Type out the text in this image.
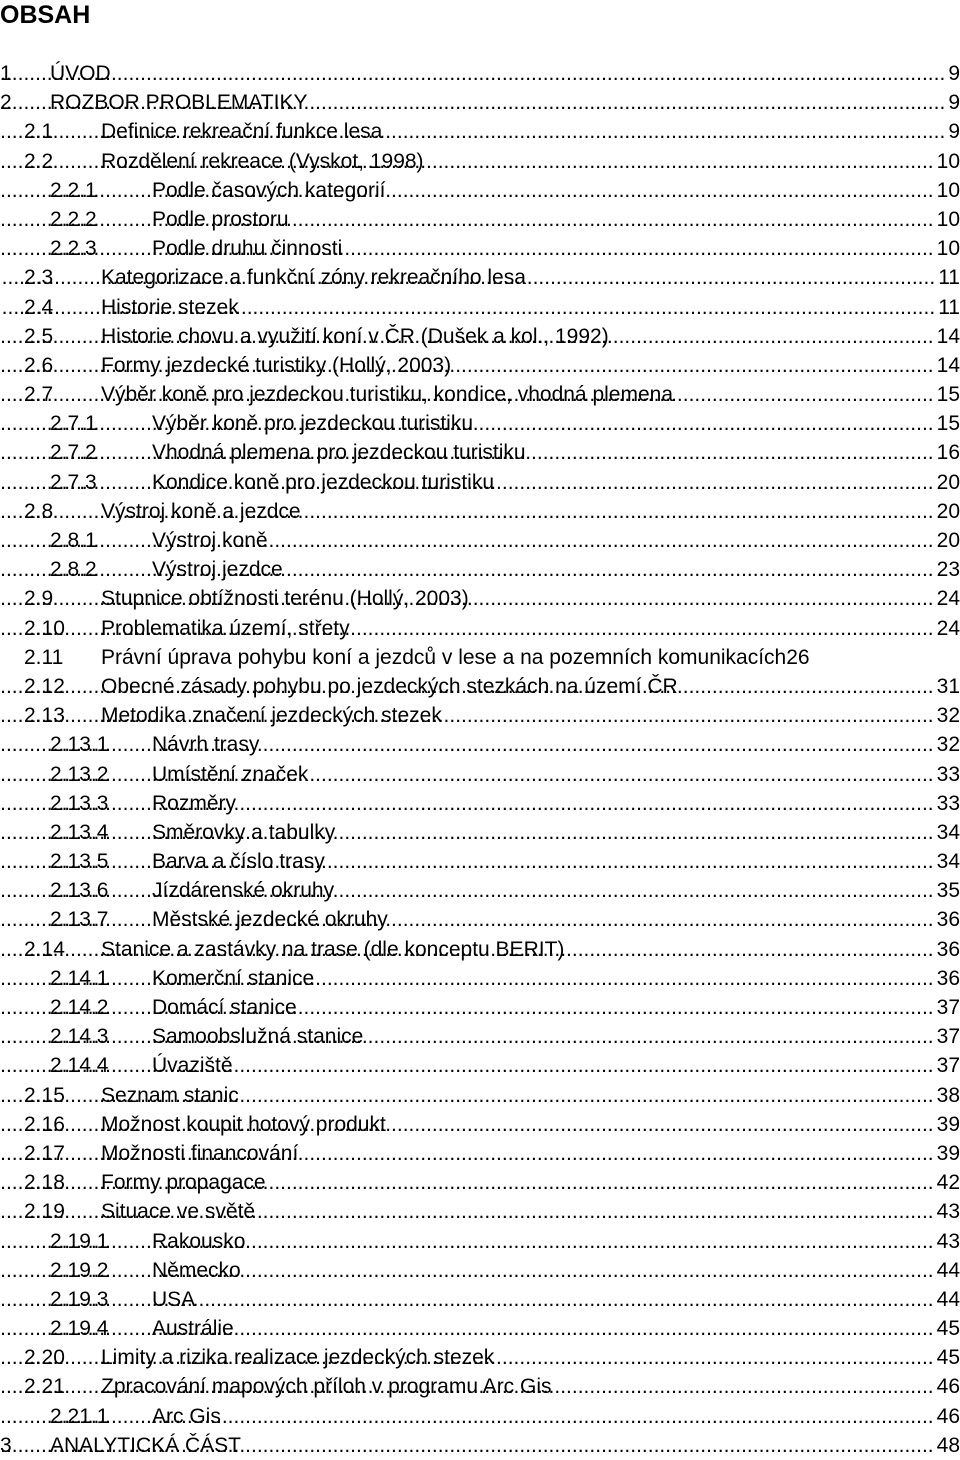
OBSAH
1 ÚVOD .....	9
2 ROZBOR PROBLEMATIKY .....	9
2.1 Definice rekreační funkce lesa .....	9
2.2 Rozdělení rekreace (Vyskot, 1998) .....	10
2.2.1	Podle časových kategorií .....	10
2.2.2	Podle prostoru .....	10
2.2.3	Podle druhu činnosti .....	10
2.3 Kategorizace a funkční zóny rekreačního lesa .....	11
2.4 Historie stezek .....	11
2.5 Historie chovu a využití koní v ČR (Dušek a kol., 1992) .....	14
2.6 Formy jezdecké turistiky (Hollý, 2003) .....	14
2.7 Výběr koně pro jezdeckou turistiku, kondice, vhodná plemena .....	15
2.7.1	Výběr koně pro jezdeckou turistiku .....	15
2.7.2	Vhodná plemena pro jezdeckou turistiku .....	16
2.7.3	Kondice koně pro jezdeckou turistiku .....	20
2.8 Výstroj koně a jezdce .....	20
2.8.1	Výstroj koně .....	20
2.8.2	Výstroj jezdce .....	23
2.9 Stupnice obtížnosti terénu (Hollý, 2003) .....	24
2.10 Problematika území, střety .....	24
2.11 Právní úprava pohybu koní a jezdců v lese a na pozemních komunikacích 26
2.12 Obecné zásady pohybu po jezdeckých stezkách na území ČR .....	31
2.13 Metodika značení jezdeckých stezek .....	32
2.13.1 Návrh trasy .....	32
2.13.2 Umístění značek .....	33
2.13.3 Rozměry .....	33
2.13.4 Směrovky a tabulky .....	34
2.13.5 Barva a číslo trasy .....	34
2.13.6 Jízdárenské okruhy .....	35
2.13.7 Městské jezdecké okruhy .....	36
2.14 Stanice a zastávky na trase (dle konceptu BERIT) .....	36
2.14.1 Komerční stanice .....	36
2.14.2 Domácí stanice .....	37
2.14.3 Samoobslužná stanice .....	37
2.14.4 Úvaziště .....	37
2.15 Seznam stanic .....	38
2.16 Možnost koupit hotový produkt .....	39
2.17 Možnosti financování .....	39
2.18 Formy propagace .....	42
2.19 Situace ve světě .....	43
2.19.1 Rakousko .....	43
2.19.2 Německo .....	44
2.19.3 USA .....	44
2.19.4 Austrálie .....	45
2.20 Limity a rizika realizace jezdeckých stezek .....	45
2.21 Zpracování mapových příloh v programu Arc Gis .....	46
2.21.1 Arc Gis .....	46
3 ANALYTICKÁ ČÁST .....	48
